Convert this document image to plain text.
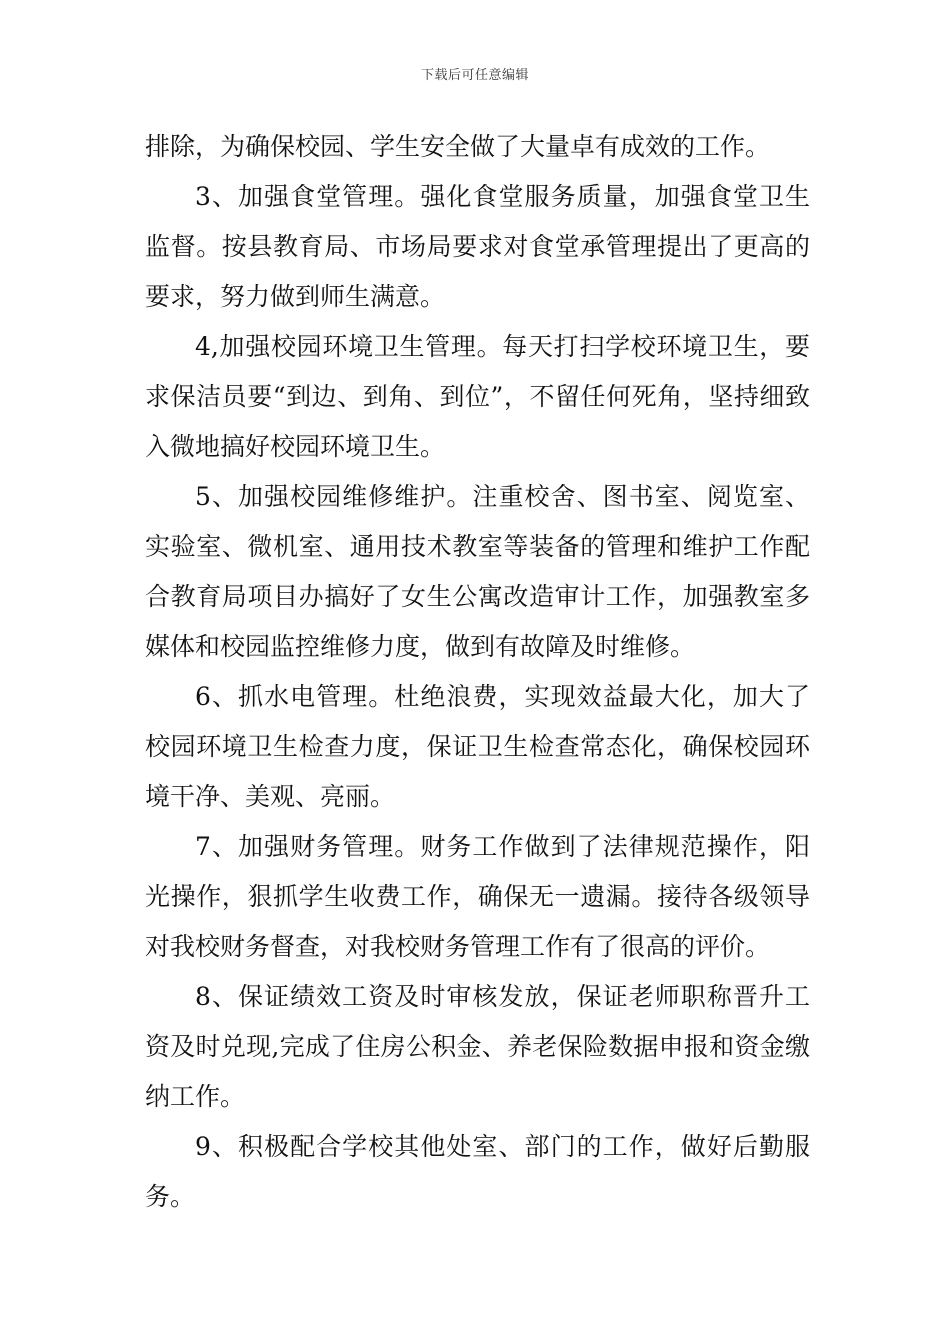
下载后可任意编辑

排除，为确保校园、学生安全做了大量卓有成效的工作。

3、加强食堂管理。强化食堂服务质量，加强食堂卫生监督。按县教育局、市场局要求对食堂承管理提出了更高的要求，努力做到师生满意。

4,加强校园环境卫生管理。每天打扫学校环境卫生，要求保洁员要“到边、到角、到位”，不留任何死角，坚持细致入微地搞好校园环境卫生。

5、加强校园维修维护。注重校舍、图书室、阅览室、实验室、微机室、通用技术教室等装备的管理和维护工作配合教育局项目办搞好了女生公寓改造审计工作，加强教室多媒体和校园监控维修力度，做到有故障及时维修。

6、抓水电管理。杜绝浪费，实现效益最大化，加大了校园环境卫生检查力度，保证卫生检查常态化，确保校园环境干净、美观、亮丽。

7、加强财务管理。财务工作做到了法律规范操作，阳光操作，狠抓学生收费工作，确保无一遗漏。接待各级领导对我校财务督查，对我校财务管理工作有了很高的评价。

8、保证绩效工资及时审核发放，保证老师职称晋升工资及时兑现,完成了住房公积金、养老保险数据申报和资金缴纳工作。

9、积极配合学校其他处室、部门的工作，做好后勤服务。
